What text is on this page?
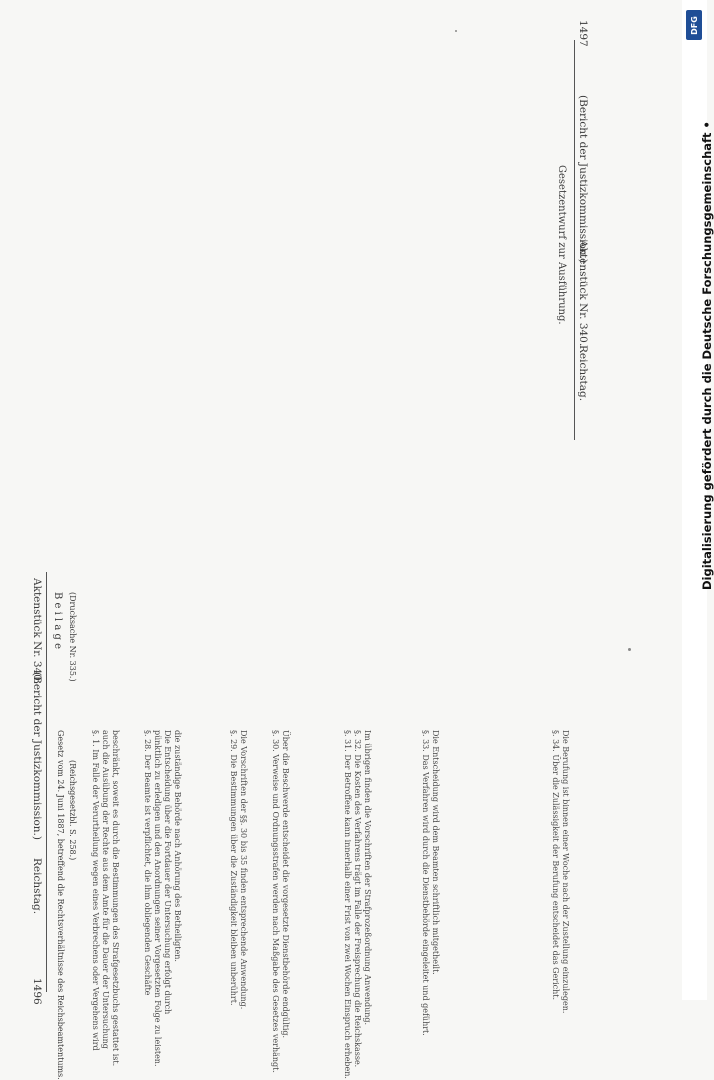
1497
(Bericht der Justizkommission.)
Aktenstück Nr. 340.
Reichstag.
Gesetzentwurf zur Ausführung.
Aktenstück Nr. 340.
(Bericht der Justizkommission.)
Reichstag.
1496 Gesetz vom 24. Juni 1887, betreffend die Rechtsverhältnisse des Reichsbeamtentums. (Reichsgesetzbl. S. 258.)
B e i l a g e (Drucksache Nr. 335.)
§. 1. Im Falle der Verurtheilung wegen eines Verbrechens oder Vergehens wird auch die Ausübung der Rechte aus dem Amte für die Dauer der Untersuchung beschränkt, soweit es durch die Bestimmungen des Strafgesetzbuchs gestattet ist.	§. 28. Der Beamte ist verpflichtet, die ihm obliegenden Geschäfte pünktlich zu erledigen und den Anordnungen seiner Vorgesetzten Folge zu leisten. Die Entscheidung über die Fortdauer der Untersuchung erfolgt durch die zuständige Behörde nach Anhörung des Betheiligten.	§. 29. Die Bestimmungen über die Zuständigkeit bleiben unberührt. Die Vorschriften der §§. 30 bis 35 finden entsprechende Anwendung.	§. 30. Verweise und Ordnungsstrafen werden nach Maßgabe des Gesetzes verhängt. Über die Beschwerde entscheidet die vorgesetzte Dienstbehörde endgültig.	§. 31. Der Betroffene kann innerhalb einer Frist von zwei Wochen Einspruch erheben. §. 32. Die Kosten des Verfahrens trägt im Falle der Freisprechung die Reichskasse. Im übrigen finden die Vorschriften der Strafprozeßordnung Anwendung.	§. 33. Das Verfahren wird durch die Dienstbehörde eingeleitet und geführt. Die Entscheidung wird dem Beamten schriftlich mitgetheilt.	§. 34. Über die Zulässigkeit der Berufung entscheidet das Gericht. Die Berufung ist binnen einer Woche nach der Zustellung einzulegen.
DFG
Digitalisierung gefördert durch die Deutsche Forschungsgemeinschaft •
